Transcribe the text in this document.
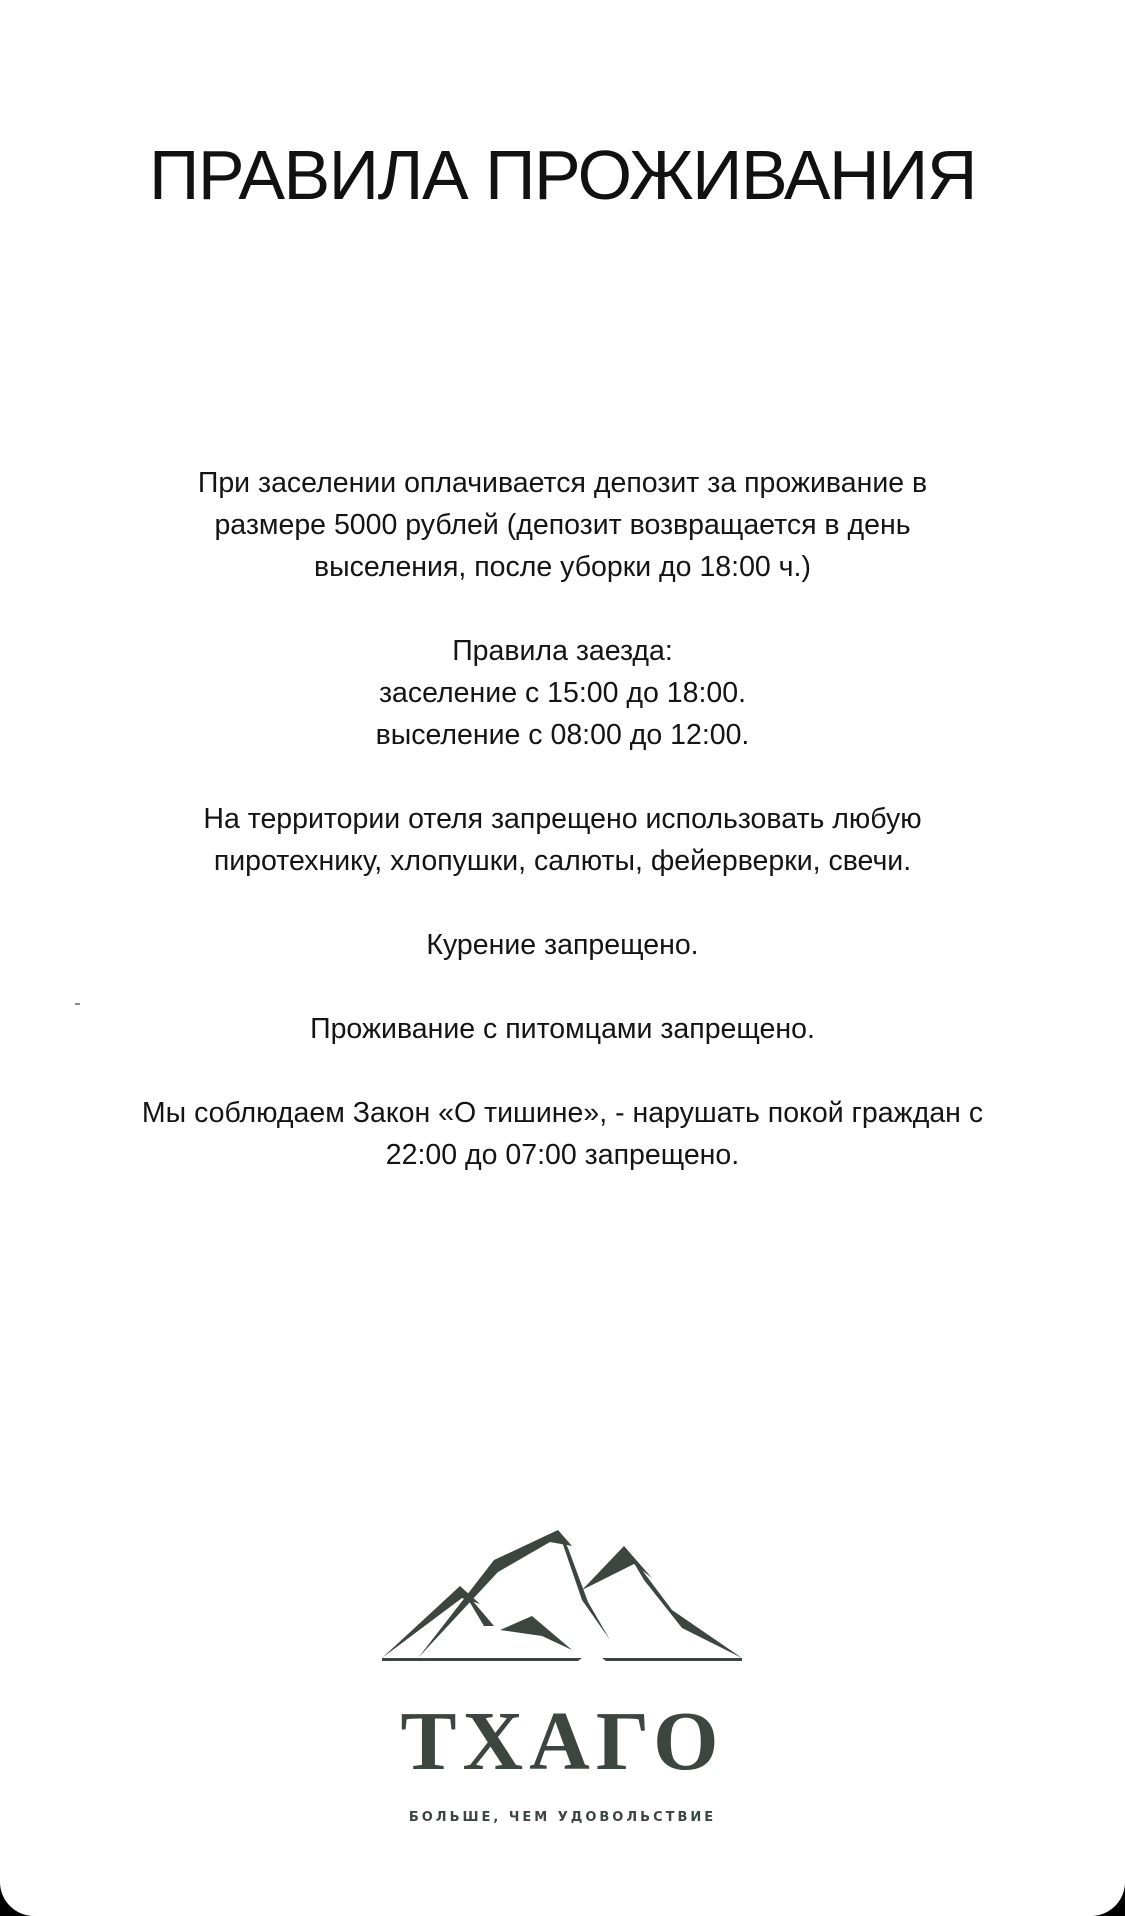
ПРАВИЛА ПРОЖИВАНИЯ

При заселении оплачивается депозит за проживание в
размере 5000 рублей (депозит возвращается в день
выселения, после уборки до 18:00 ч.)

Правила заезда:
заселение с 15:00 до 18:00.
выселение с 08:00 до 12:00.

На территории отеля запрещено использовать любую
пиротехнику, хлопушки, салюты, фейерверки, свечи.

Курение запрещено.

Проживание с питомцами запрещено.

Мы соблюдаем Закон «О тишине», - нарушать покой граждан с
22:00 до 07:00 запрещено.

ТХАГО
БОЛЬШЕ, ЧЕМ УДОВОЛЬСТВИЕ
